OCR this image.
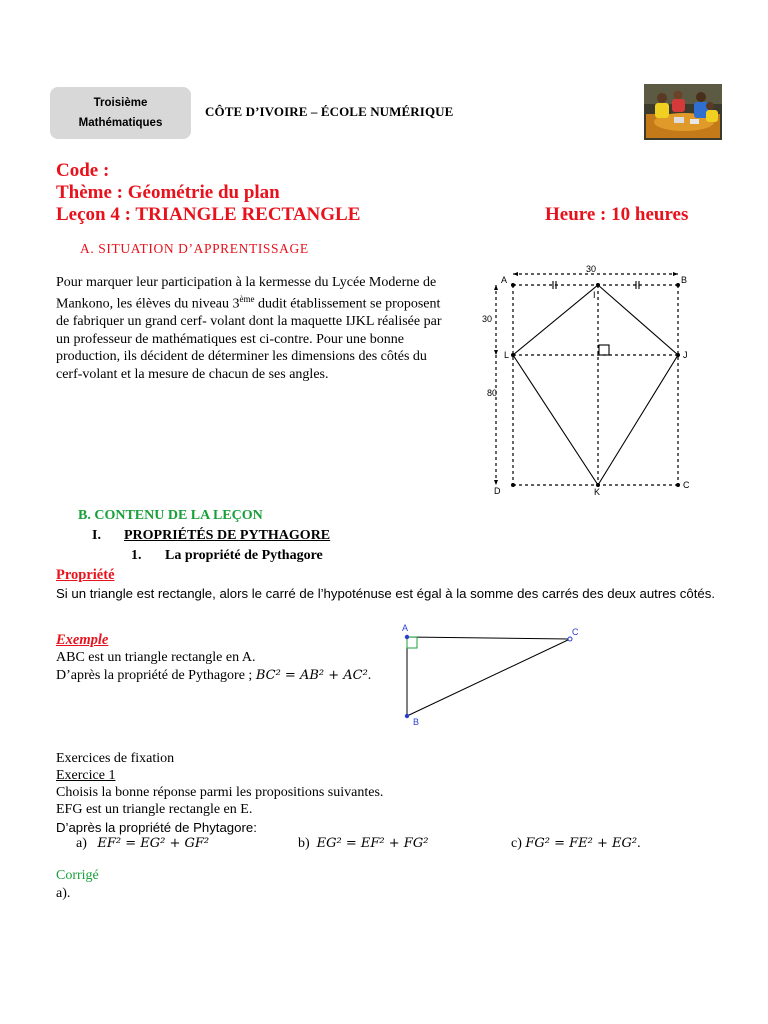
Troisième
Mathématiques
CÔTE D’IVOIRE – ÉCOLE NUMÉRIQUE
Code :
Thème : Géométrie du plan
Leçon 4 : TRIANGLE RECTANGLE	Heure : 10 heures
A. SITUATION D’APPRENTISSAGE
Pour marquer leur participation à la kermesse du Lycée Moderne de Mankono, les élèves du niveau 3ème dudit établissement se proposent de fabriquer un grand cerf- volant dont la maquette IJKL réalisée par un professeur de mathématiques est ci-contre. Pour une bonne production, ils décident de déterminer les dimensions des côtés du cerf-volant et la mesure de chacun de ses angles.
A	B
C
D
I
J
K
L
30
30
80
B. CONTENU DE LA LEÇON
I. PROPRIÉTÉS DE PYTHAGORE
1. La propriété de Pythagore
Propriété
Si un triangle est rectangle, alors le carré de l’hypoténuse est égal à la somme des carrés des deux autres côtés.
Exemple
ABC est un triangle rectangle en A.
D’après la propriété de Pythagore ; BC² = AB² + AC².
A
B
C
Exercices de fixation
Exercice 1
Choisis la bonne réponse parmi les propositions suivantes.
EFG est un triangle rectangle en E.
D’après la propriété de Phytagore:
a) EF² = EG² + GF²	b) EG² = EF² + FG²	c) FG² = FE² + EG².
Corrigé
a).
